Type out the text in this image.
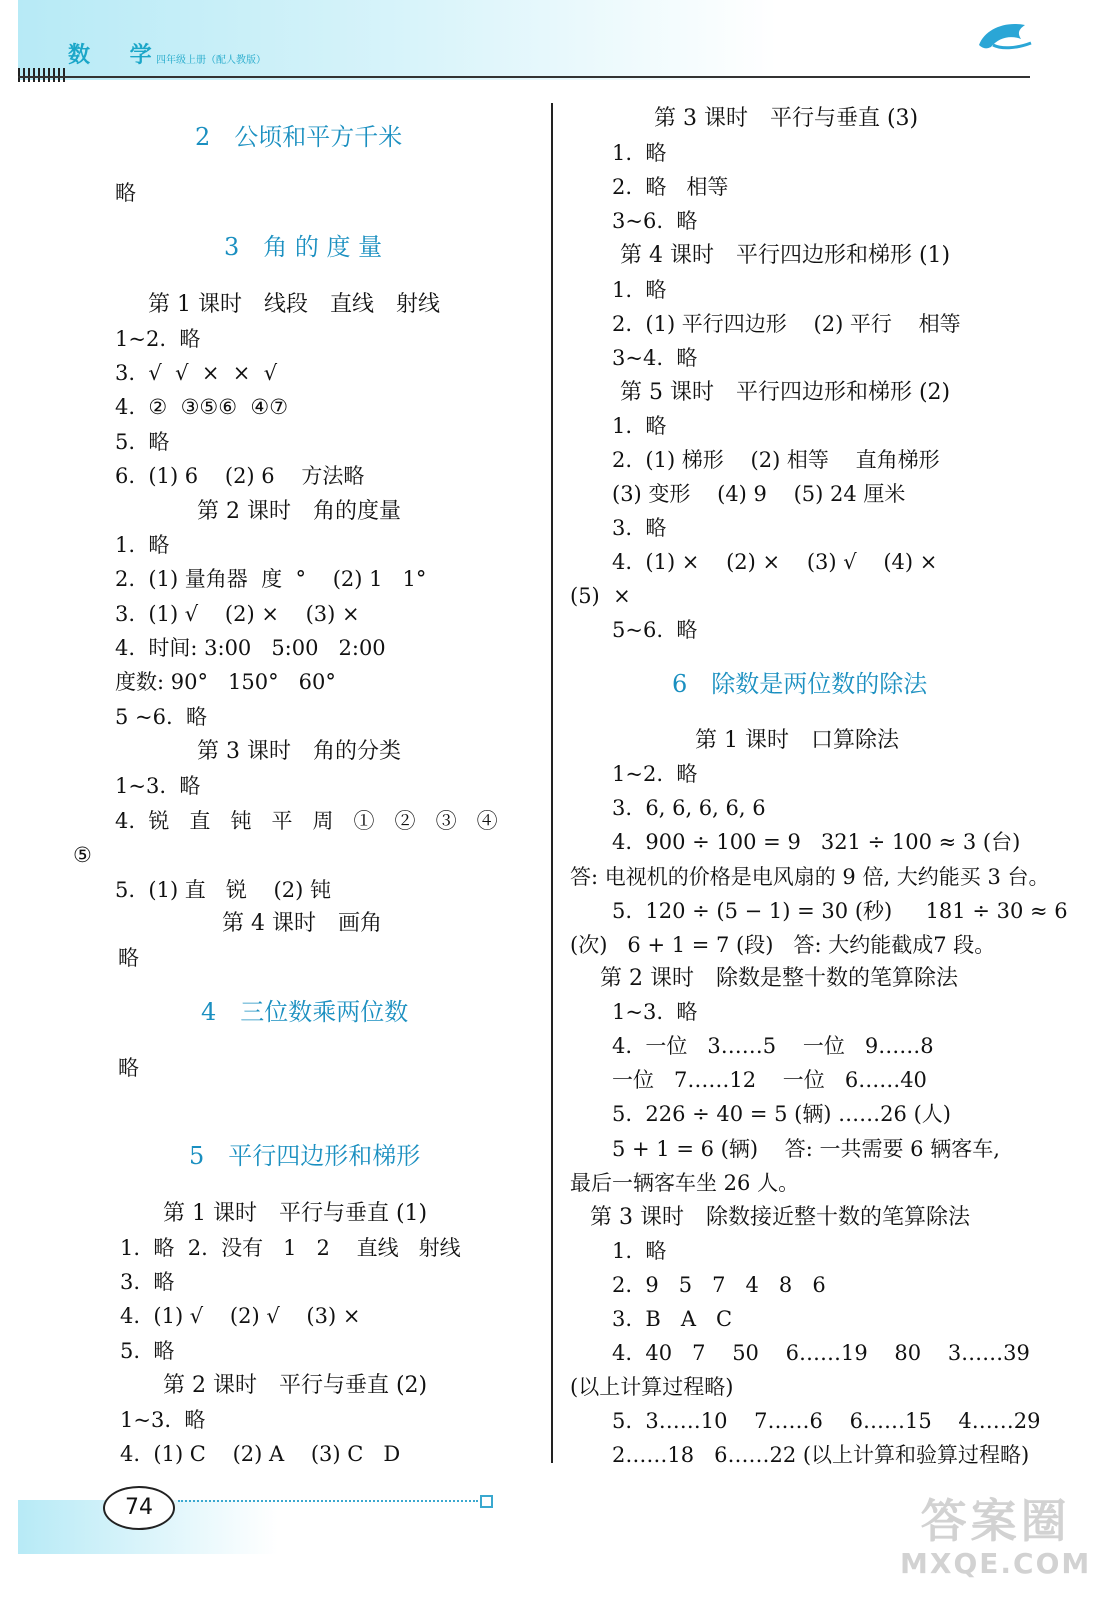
数 学
四年级上册（配人教版）
2　公顷和平方千米
略
3　角 的 度 量
第 1 课时　线段　直线　射线
1~2.  略
3.  √  √  ×  ×  √
4.  ②  ③⑤⑥  ④⑦
5.  略
6.  (1) 6    (2) 6    方法略
第 2 课时　角的度量
1.  略
2.  (1) 量角器  度  °    (2) 1   1°
3.  (1) √    (2) ×    (3) ×
4.  时间: 3:00   5:00   2:00
度数: 90°   150°   60°
5 ~6.  略
第 3 课时　角的分类
1~3.  略
4.  锐   直   钝   平   周   ①   ②   ③   ④
⑤
5.  (1) 直   锐    (2) 钝
第 4 课时　画角
略
4　三位数乘两位数
略
5　平行四边形和梯形
第 1 课时　平行与垂直 (1)
1.  略  2.  没有   1   2    直线   射线
3.  略
4.  (1) √    (2) √    (3) ×
5.  略
第 2 课时　平行与垂直 (2)
1~3.  略
4.  (1) C    (2) A    (3) C   D
第 3 课时　平行与垂直 (3)
1.  略
2.  略   相等
3~6.  略
第 4 课时　平行四边形和梯形 (1)
1.  略
2.  (1) 平行四边形    (2) 平行    相等
3~4.  略
第 5 课时　平行四边形和梯形 (2)
1.  略
2.  (1) 梯形    (2) 相等    直角梯形
(3) 变形    (4) 9    (5) 24 厘米
3.  略
4.  (1) ×    (2) ×    (3) √    (4) ×
(5)  ×
5~6.  略
6　除数是两位数的除法
第 1 课时　口算除法
1~2.  略
3.  6, 6, 6, 6, 6
4.  900 ÷ 100 = 9   321 ÷ 100 ≈ 3 (台)
答: 电视机的价格是电风扇的 9 倍, 大约能买 3 台。
5.  120 ÷ (5 − 1) = 30 (秒)     181 ÷ 30 ≈ 6
(次)   6 + 1 = 7 (段)   答: 大约能截成7 段。
第 2 课时　除数是整十数的笔算除法
1~3.  略
4.  一位   3……5    一位   9……8
一位   7……12    一位   6……40
5.  226 ÷ 40 = 5 (辆) ……26 (人)
5 + 1 = 6 (辆)    答: 一共需要 6 辆客车,
最后一辆客车坐 26 人。
第 3 课时　除数接近整十数的笔算除法
1.  略
2.  9   5   7   4   8   6
3.  B   A   C
4.  40   7    50    6……19    80    3……39
(以上计算过程略)
5.  3……10    7……6    6……15    4……29
2……18   6……22 (以上计算和验算过程略)
74	答案圈
MXQE.COM
